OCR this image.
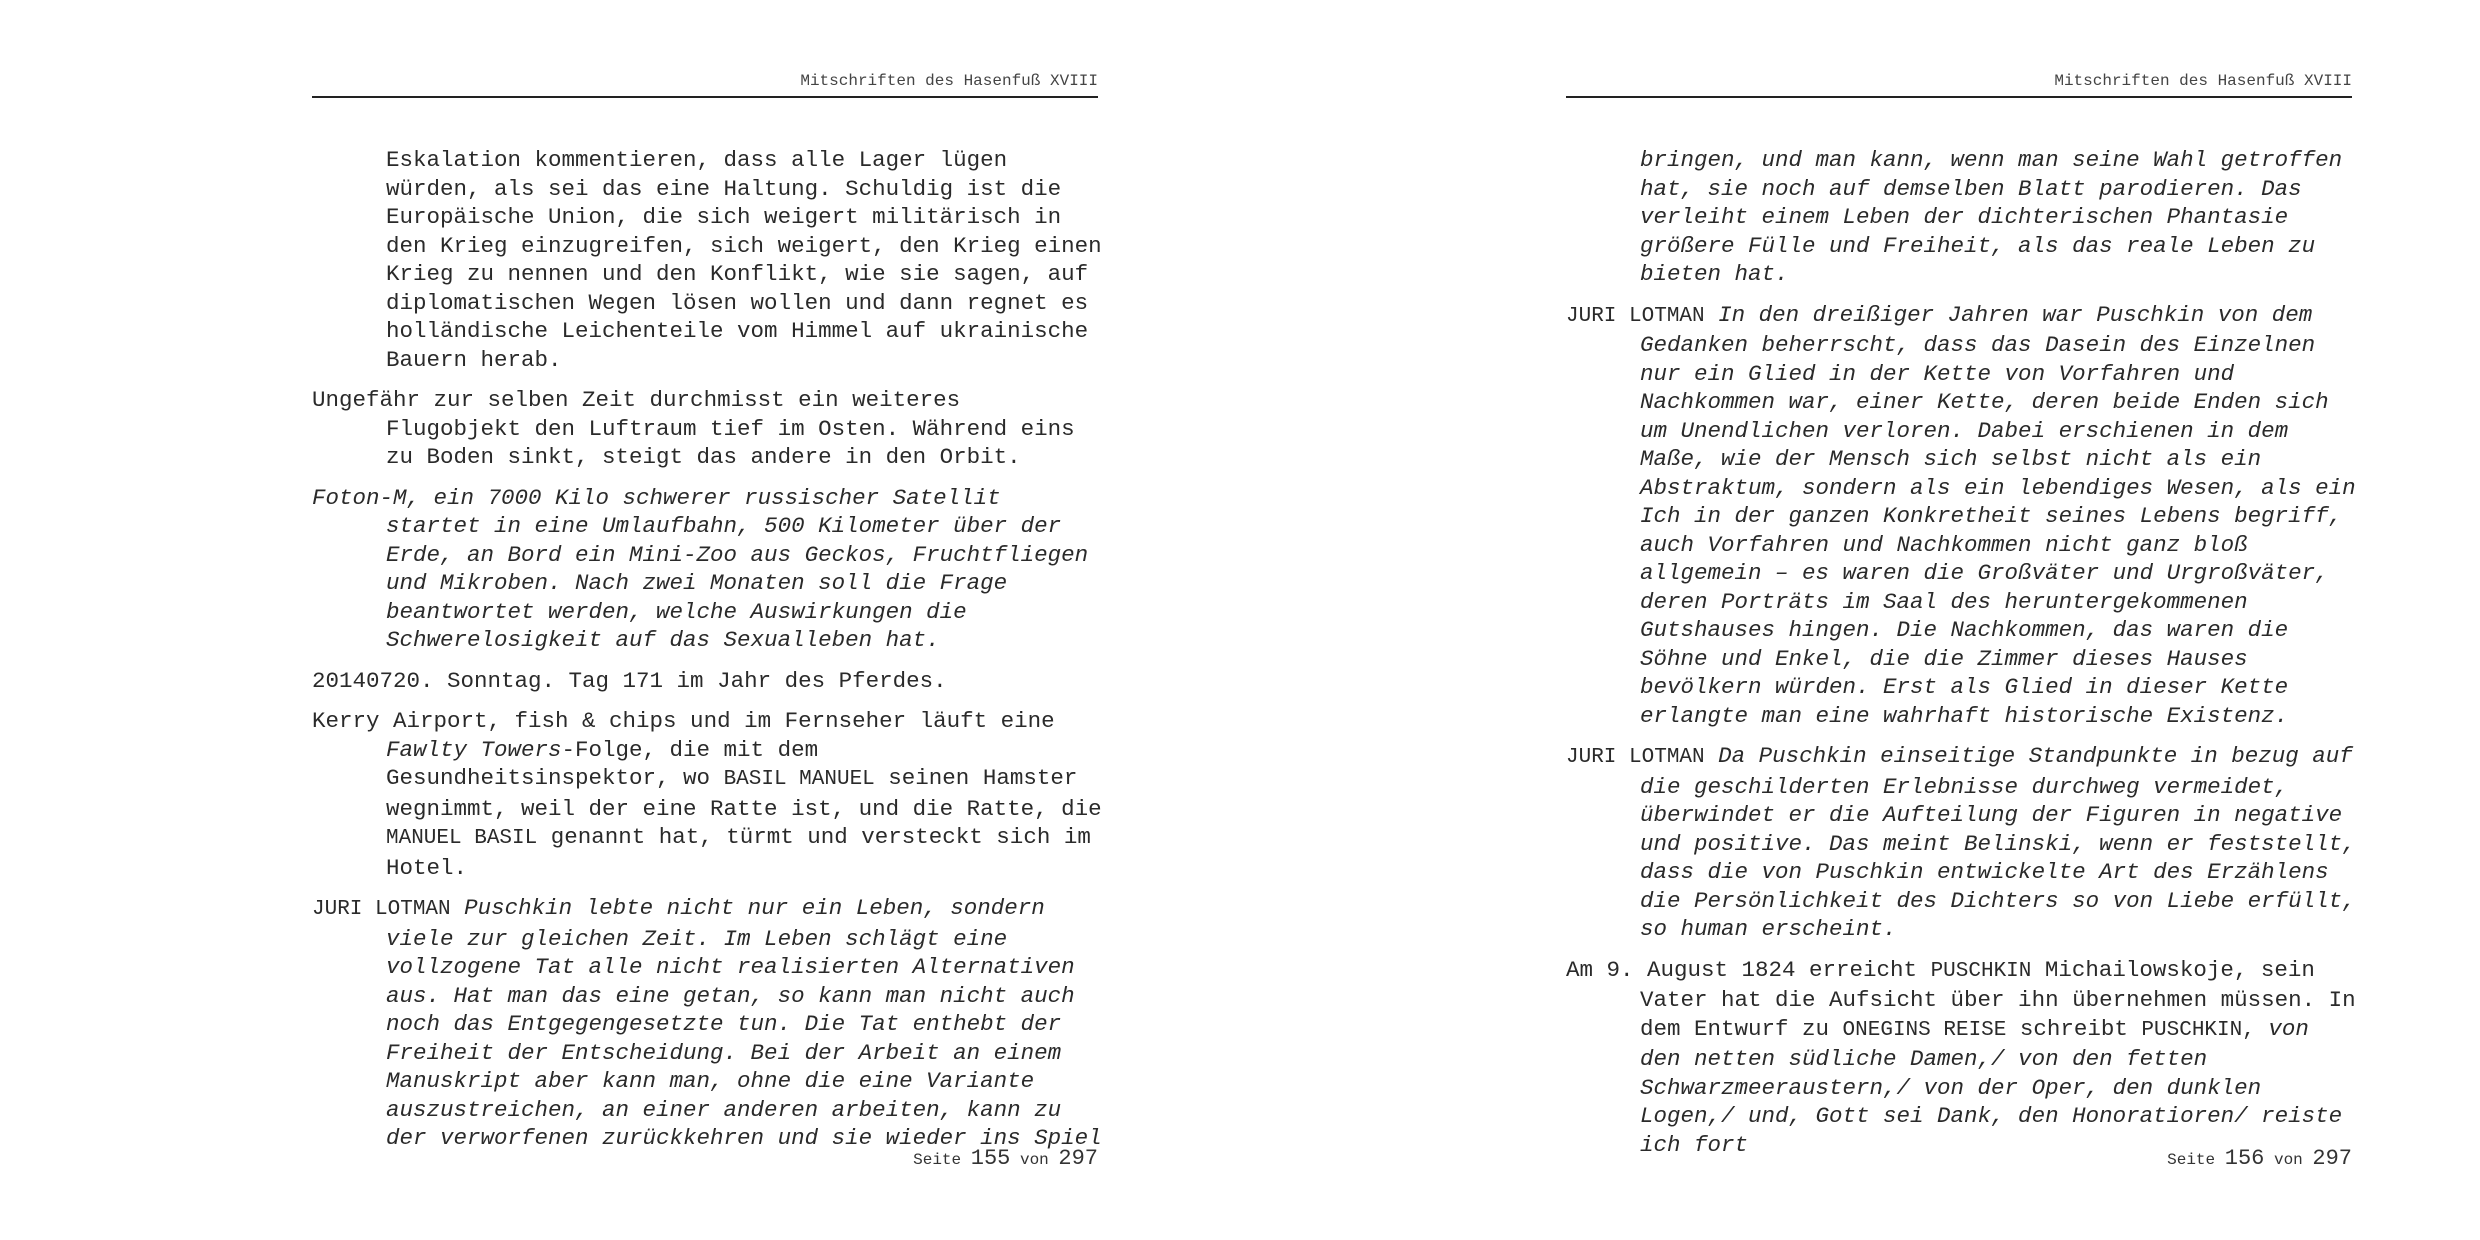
Mitschriften des Hasenfuß XVIII

Eskalation kommentieren, dass alle Lager lügen würden, als sei das eine Haltung. Schuldig ist die Europäische Union, die sich weigert militärisch in den Krieg einzugreifen, sich weigert, den Krieg einen Krieg zu nennen und den Konflikt, wie sie sagen, auf diplomatischen Wegen lösen wollen und dann regnet es holländische Leichenteile vom Himmel auf ukrainische Bauern herab.

Ungefähr zur selben Zeit durchmisst ein weiteres Flugobjekt den Luftraum tief im Osten. Während eins zu Boden sinkt, steigt das andere in den Orbit.

Foton-M, ein 7000 Kilo schwerer russischer Satellit startet in eine Umlaufbahn, 500 Kilometer über der Erde, an Bord ein Mini-Zoo aus Geckos, Fruchtfliegen und Mikroben. Nach zwei Monaten soll die Frage beantwortet werden, welche Auswirkungen die Schwerelosigkeit auf das Sexualleben hat.

20140720. Sonntag. Tag 171 im Jahr des Pferdes.

Kerry Airport, fish & chips und im Fernseher läuft eine Fawlty Towers-Folge, die mit dem Gesundheitsinspektor, wo BASIL MANUEL seinen Hamster wegnimmt, weil der eine Ratte ist, und die Ratte, die MANUEL BASIL genannt hat, türmt und versteckt sich im Hotel.

JURI LOTMAN Puschkin lebte nicht nur ein Leben, sondern viele zur gleichen Zeit. Im Leben schlägt eine vollzogene Tat alle nicht realisierten Alternativen aus. Hat man das eine getan, so kann man nicht auch noch das Entgegengesetzte tun. Die Tat enthebt der Freiheit der Entscheidung. Bei der Arbeit an einem Manuskript aber kann man, ohne die eine Variante auszustreichen, an einer anderen arbeiten, kann zu der verworfenen zurückkehren und sie wieder ins Spiel

Seite 155 von 297
Mitschriften des Hasenfuß XVIII

bringen, und man kann, wenn man seine Wahl getroffen hat, sie noch auf demselben Blatt parodieren. Das verleiht einem Leben der dichterischen Phantasie größere Fülle und Freiheit, als das reale Leben zu bieten hat.

JURI LOTMAN In den dreißiger Jahren war Puschkin von dem Gedanken beherrscht, dass das Dasein des Einzelnen nur ein Glied in der Kette von Vorfahren und Nachkommen war, einer Kette, deren beide Enden sich um Unendlichen verloren. Dabei erschienen in dem Maße, wie der Mensch sich selbst nicht als ein Abstraktum, sondern als ein lebendiges Wesen, als ein Ich in der ganzen Konkretheit seines Lebens begriff, auch Vorfahren und Nachkommen nicht ganz bloß allgemein – es waren die Großväter und Urgroßväter, deren Porträts im Saal des heruntergekommenen Gutshauses hingen. Die Nachkommen, das waren die Söhne und Enkel, die die Zimmer dieses Hauses bevölkern würden. Erst als Glied in dieser Kette erlangte man eine wahrhaft historische Existenz.

JURI LOTMAN Da Puschkin einseitige Standpunkte in bezug auf die geschilderten Erlebnisse durchweg vermeidet, überwindet er die Aufteilung der Figuren in negative und positive. Das meint Belinski, wenn er feststellt, dass die von Puschkin entwickelte Art des Erzählens die Persönlichkeit des Dichters so von Liebe erfüllt, so human erscheint.

Am 9. August 1824 erreicht PUSCHKIN Michailowskoje, sein Vater hat die Aufsicht über ihn übernehmen müssen. In dem Entwurf zu ONEGINS REISE schreibt PUSCHKIN, von den netten südliche Damen,/ von den fetten Schwarzmeeraustern,/ von der Oper, den dunklen Logen,/ und, Gott sei Dank, den Honoratioren/ reiste ich fort

Seite 156 von 297
